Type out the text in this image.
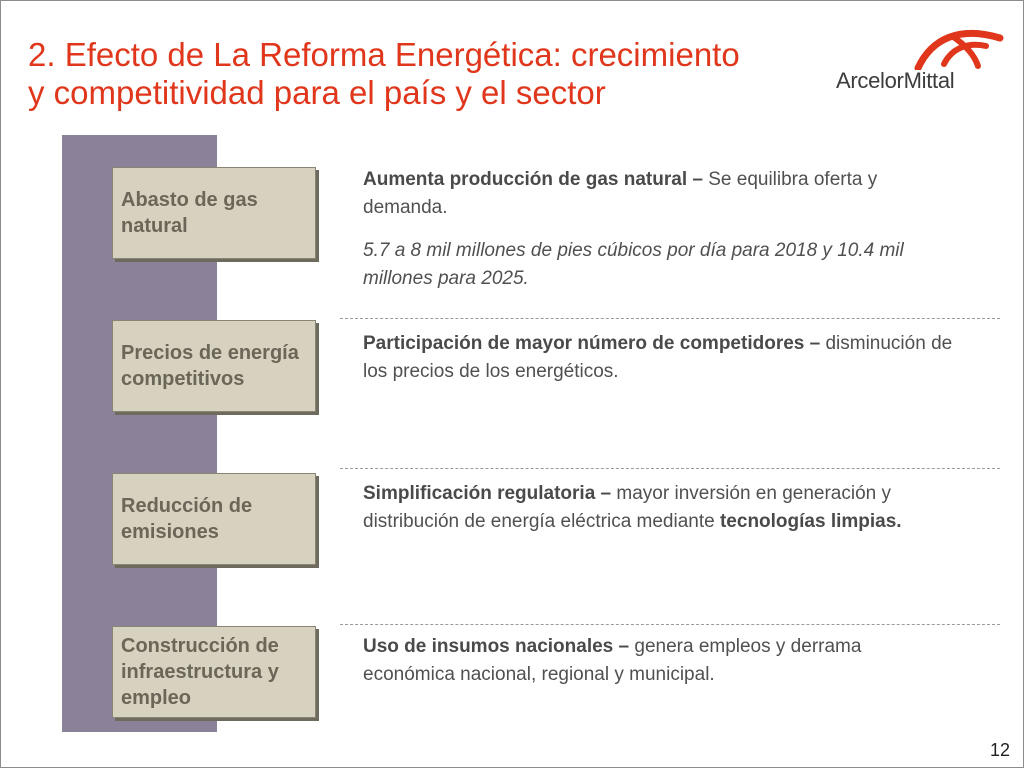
2. Efecto de La Reforma Energética: crecimiento
y competitividad para el país y el sector	ArcelorMittal
Abasto de gas natural
Precios de energía competitivos
Reducción de emisiones
Construcción de infraestructura y empleo

Aumenta producción de gas natural – Se equilibra oferta y demanda.

5.7 a 8 mil millones de pies cúbicos por día para 2018 y 10.4 mil millones para 2025.

Participación de mayor número de competidores – disminución de los precios de los energéticos.

Simplificación regulatoria – mayor inversión en generación y distribución de energía eléctrica mediante tecnologías limpias.

Uso de insumos nacionales – genera empleos y derrama económica nacional, regional y municipal.

12
